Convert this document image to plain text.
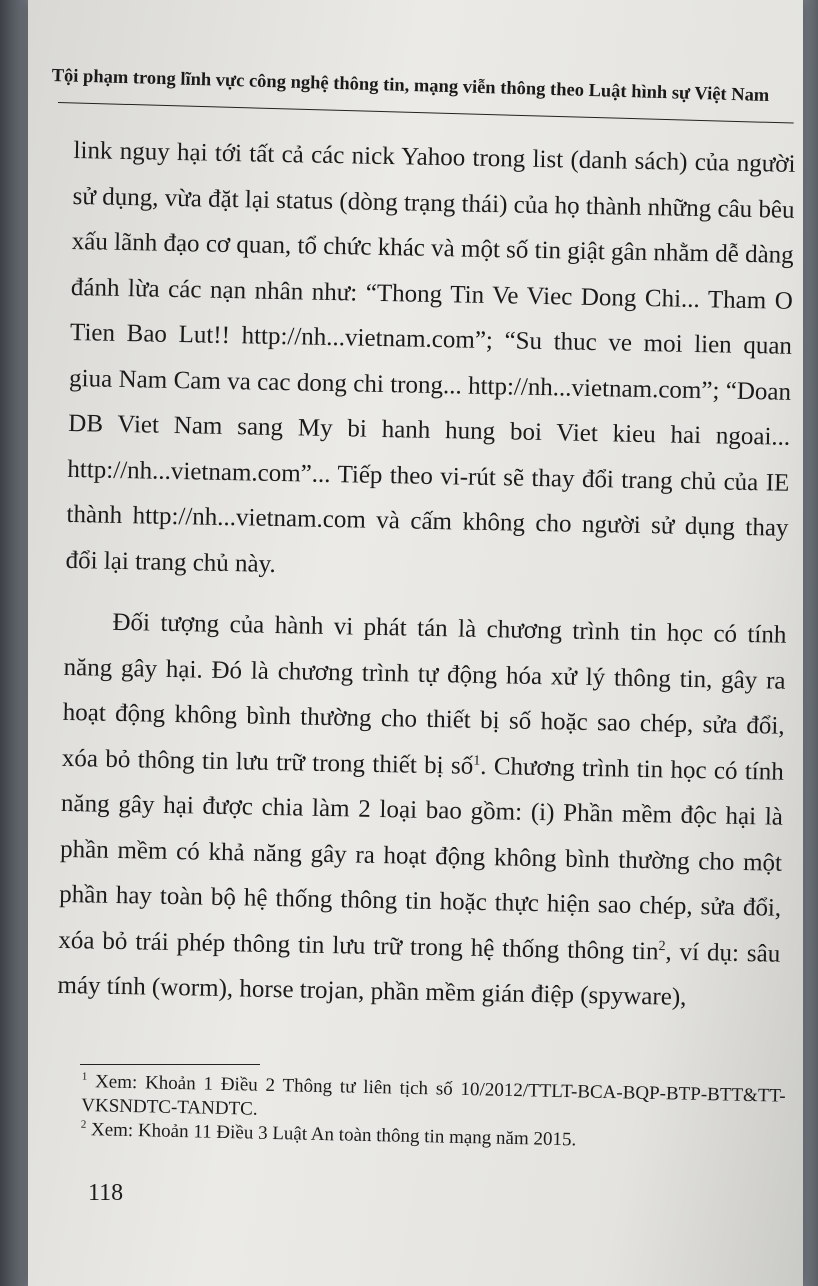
Tội phạm trong lĩnh vực công nghệ thông tin, mạng viễn thông theo Luật hình sự Việt Nam

link nguy hại tới tất cả các nick Yahoo trong list (danh sách) của người sử dụng, vừa đặt lại status (dòng trạng thái) của họ thành những câu bêu xấu lãnh đạo cơ quan, tổ chức khác và một số tin giật gân nhằm dễ dàng đánh lừa các nạn nhân như: “Thong Tin Ve Viec Dong Chi... Tham O Tien Bao Lut!! http://nh...vietnam.com”; “Su thuc ve moi lien quan giua Nam Cam va cac dong chi trong... http://nh...vietnam.com”; “Doan DB Viet Nam sang My bi hanh hung boi Viet kieu hai ngoai... http://nh...vietnam.com”... Tiếp theo vi-rút sẽ thay đổi trang chủ của IE thành http://nh...vietnam.com và cấm không cho người sử dụng thay đổi lại trang chủ này.

Đối tượng của hành vi phát tán là chương trình tin học có tính năng gây hại. Đó là chương trình tự động hóa xử lý thông tin, gây ra hoạt động không bình thường cho thiết bị số hoặc sao chép, sửa đổi, xóa bỏ thông tin lưu trữ trong thiết bị số$^1$. Chương trình tin học có tính năng gây hại được chia làm 2 loại bao gồm: (i) Phần mềm độc hại là phần mềm có khả năng gây ra hoạt động không bình thường cho một phần hay toàn bộ hệ thống thông tin hoặc thực hiện sao chép, sửa đổi, xóa bỏ trái phép thông tin lưu trữ trong hệ thống thông tin$^2$, ví dụ: sâu máy tính (worm), horse trojan, phần mềm gián điệp (spyware),

$^1$ Xem: Khoản 1 Điều 2 Thông tư liên tịch số 10/2012/TTLT-BCA-BQP-BTP-BTT&TT-VKSNDTC-TANDTC.

$^2$ Xem: Khoản 11 Điều 3 Luật An toàn thông tin mạng năm 2015.

118
